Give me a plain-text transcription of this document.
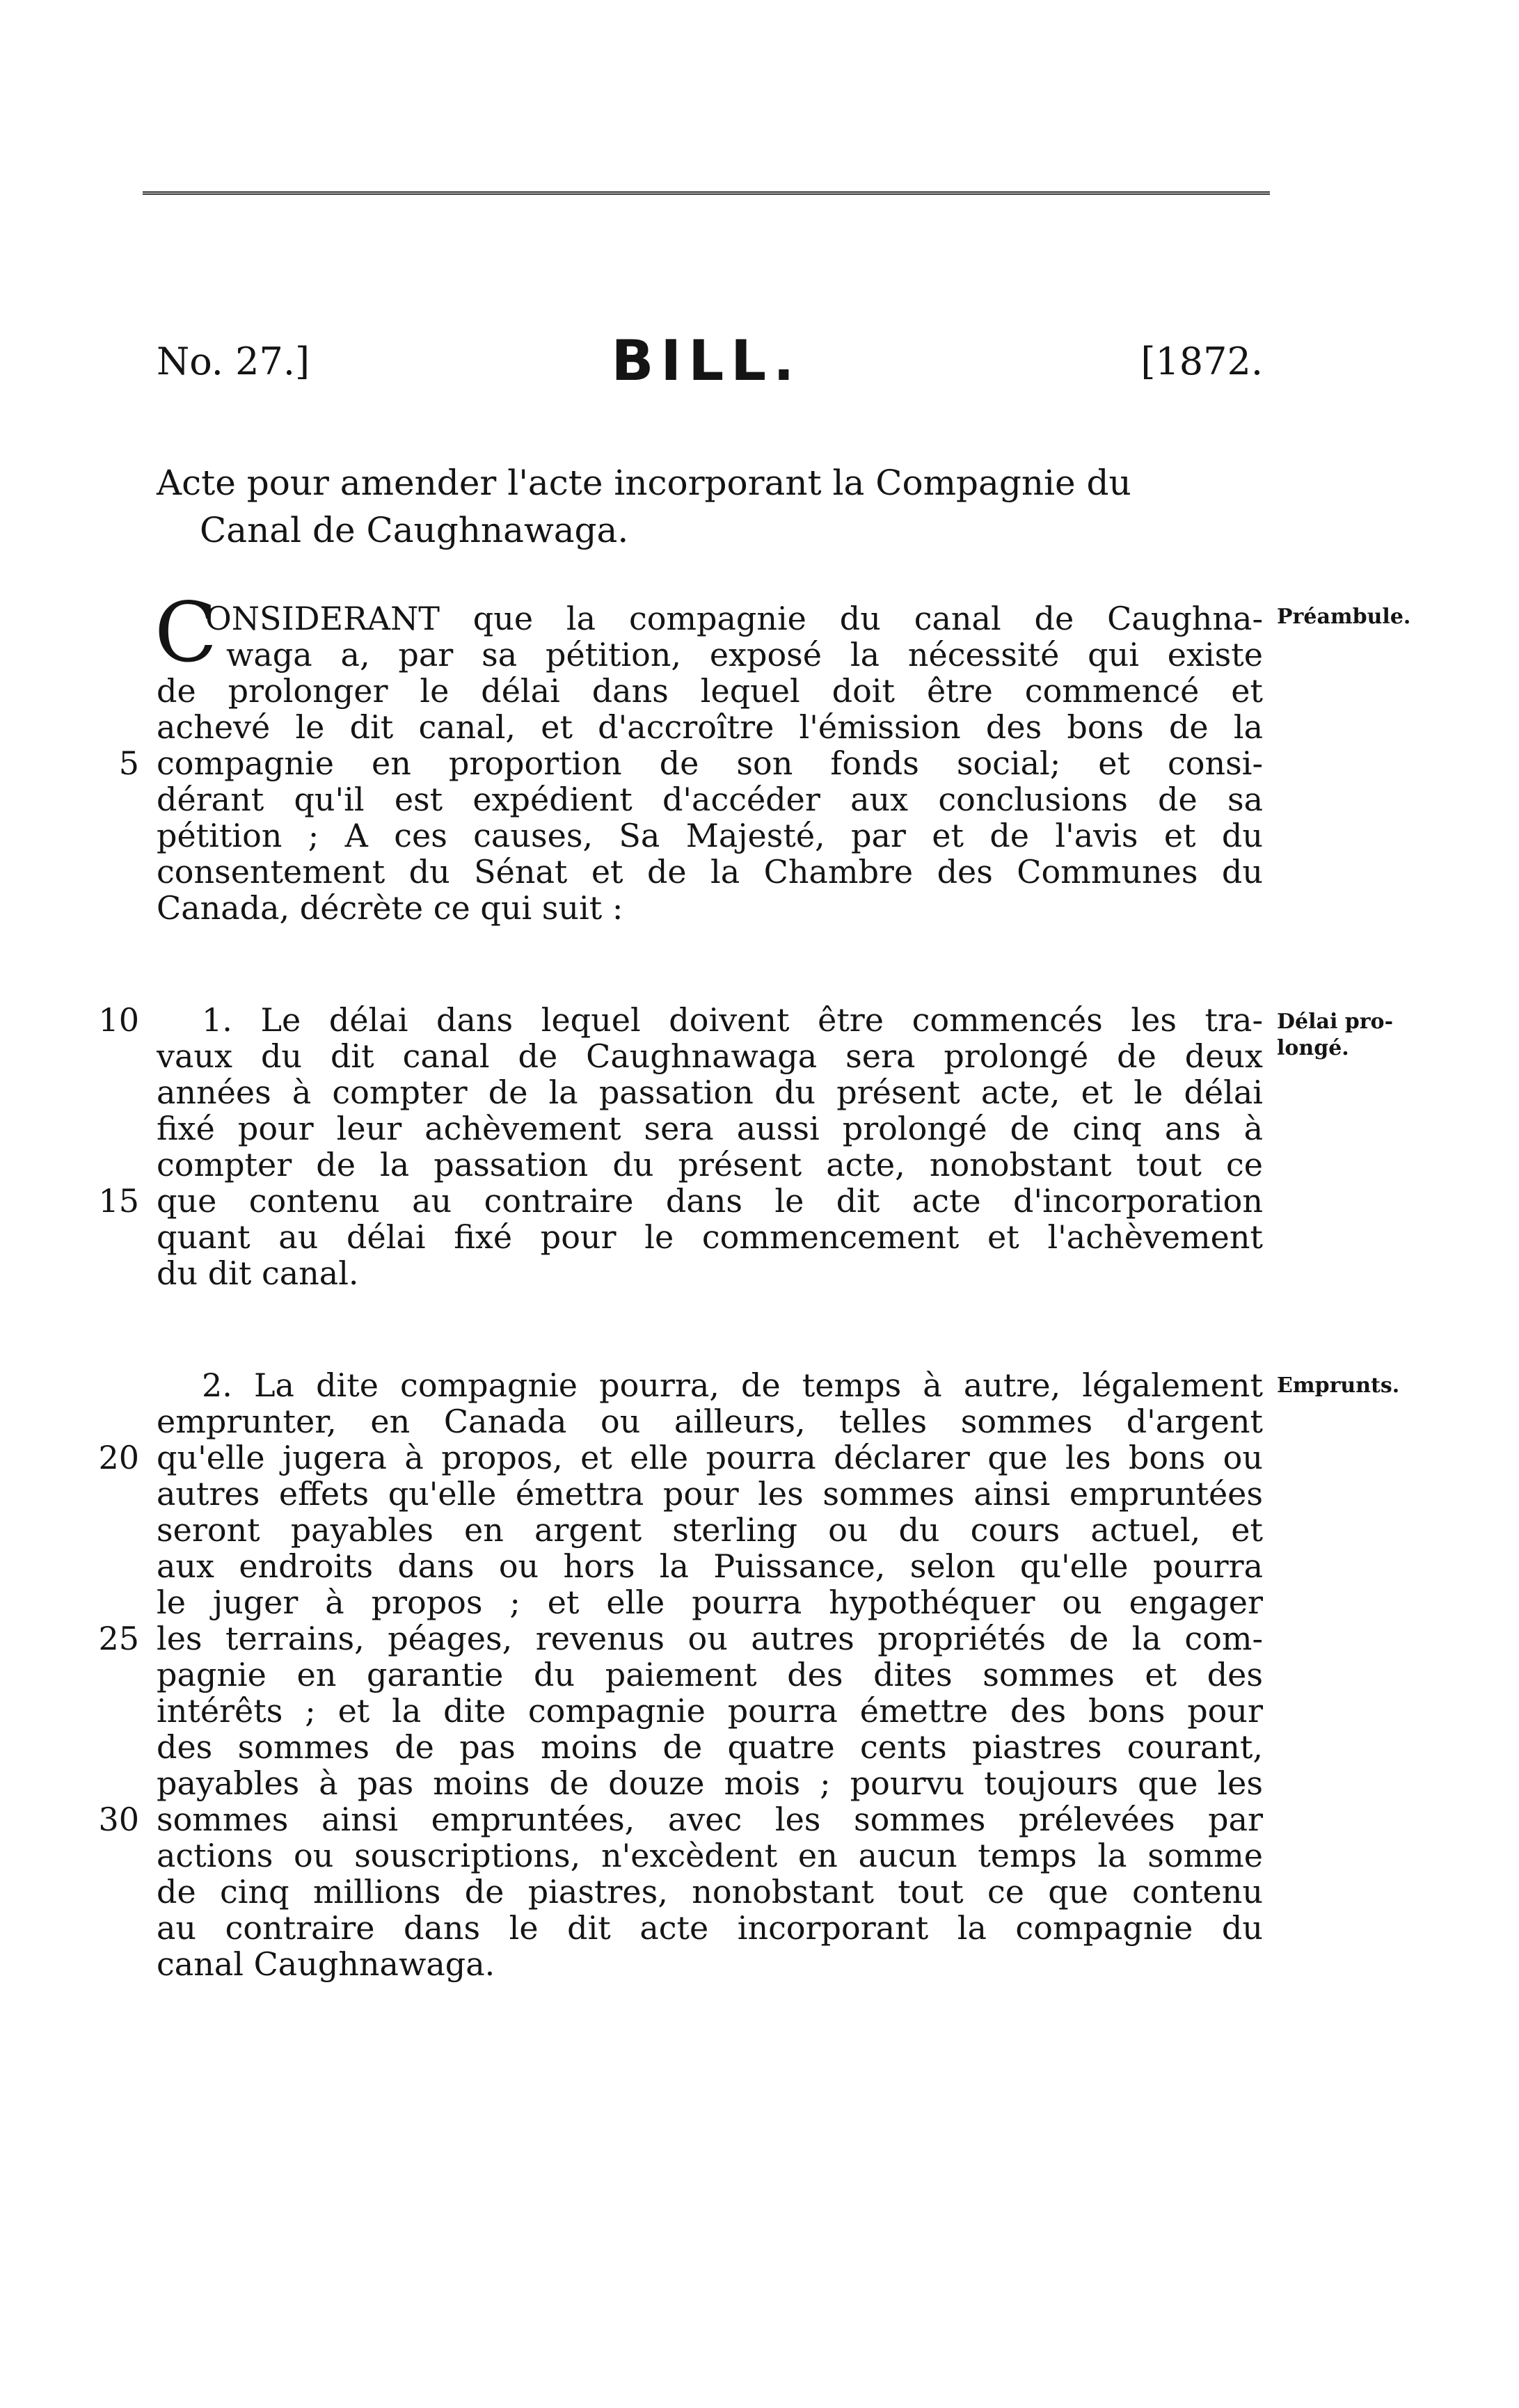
No. 27.]	BILL.	[1872.
Acte pour amender l'acte incorporant la Compagnie du
Canal de Caughnawaga.
C
ONSIDERANT que la compagnie du canal de Caughna-
waga a, par sa pétition, exposé la nécessité qui existe
de prolonger le délai dans lequel doit être commencé et
achevé le dit canal, et d'accroître l'émission des bons de la
compagnie en proportion de son fonds social; et consi-
dérant qu'il est expédient d'accéder aux conclusions de sa
pétition ; A ces causes, Sa Majesté, par et de l'avis et du
consentement du Sénat et de la Chambre des Communes du
Canada, décrète ce qui suit :
Préambule.
5
1. Le délai dans lequel doivent être commencés les tra-
vaux du dit canal de Caughnawaga sera prolongé de deux
années à compter de la passation du présent acte, et le délai
fixé pour leur achèvement sera aussi prolongé de cinq ans à
compter de la passation du présent acte, nonobstant tout ce
que contenu au contraire dans le dit acte d'incorporation
quant au délai fixé pour le commencement et l'achèvement
du dit canal.
Délai pro-
longé.
10
15
2. La dite compagnie pourra, de temps à autre, légalement
emprunter, en Canada ou ailleurs, telles sommes d'argent
qu'elle jugera à propos, et elle pourra déclarer que les bons ou
autres effets qu'elle émettra pour les sommes ainsi empruntées
seront payables en argent sterling ou du cours actuel, et
aux endroits dans ou hors la Puissance, selon qu'elle pourra
le juger à propos ; et elle pourra hypothéquer ou engager
les terrains, péages, revenus ou autres propriétés de la com-
pagnie en garantie du paiement des dites sommes et des
intérêts ; et la dite compagnie pourra émettre des bons pour
des sommes de pas moins de quatre cents piastres courant,
payables à pas moins de douze mois ; pourvu toujours que les
sommes ainsi empruntées, avec les sommes prélevées par
actions ou souscriptions, n'excèdent en aucun temps la somme
de cinq millions de piastres, nonobstant tout ce que contenu
au contraire dans le dit acte incorporant la compagnie du
canal Caughnawaga.
Emprunts.
20
25
30
